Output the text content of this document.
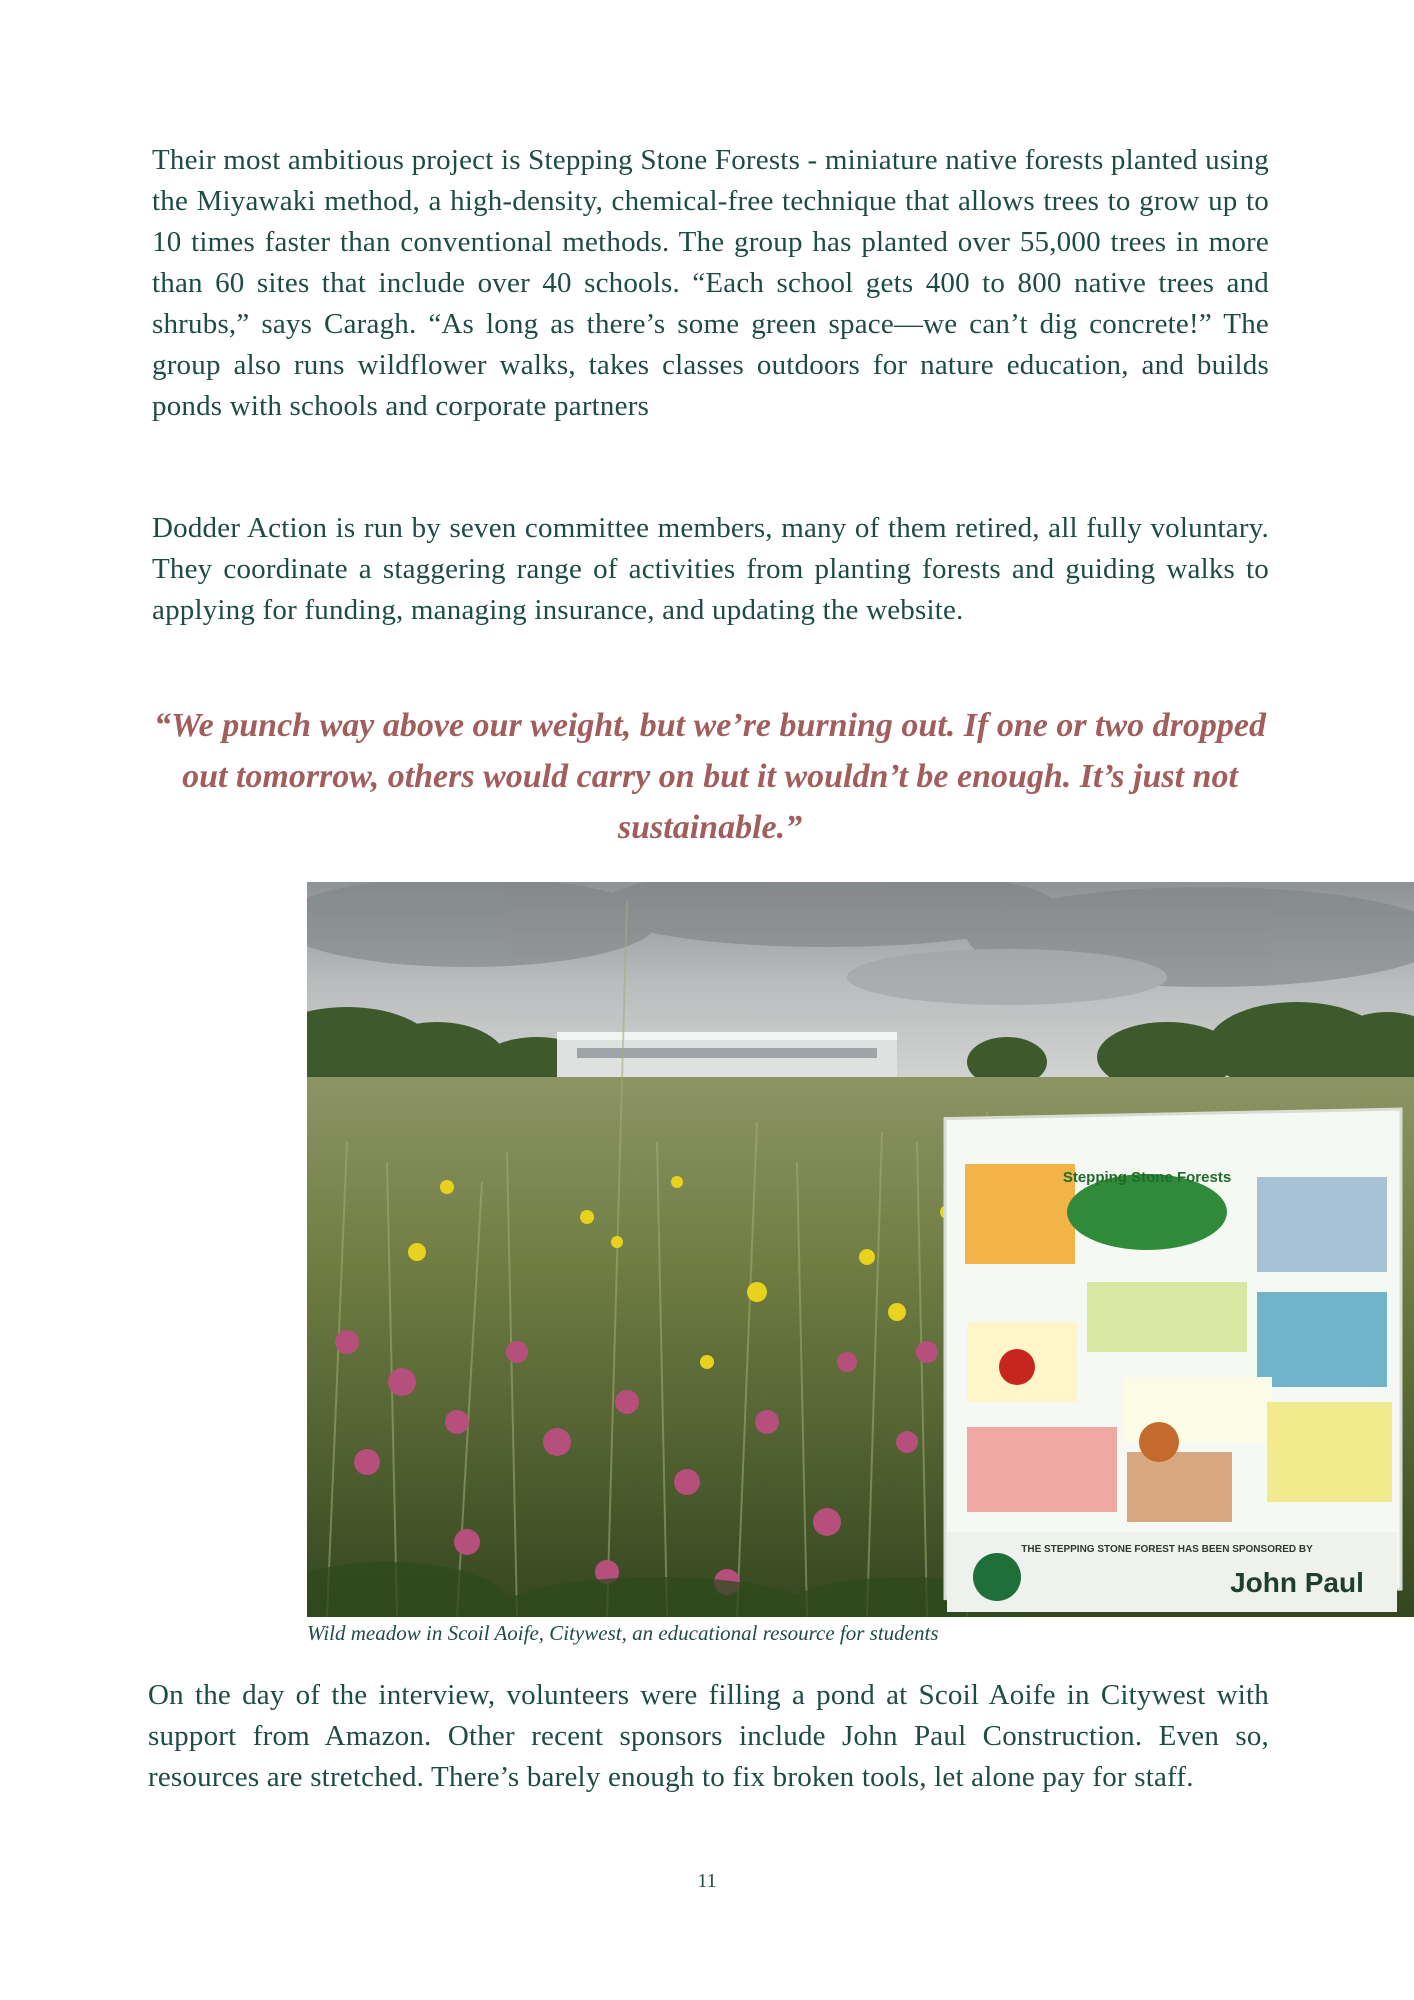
Their most ambitious project is Stepping Stone Forests - miniature native forests planted using the Miyawaki method, a high-density, chemical-free technique that allows trees to grow up to 10 times faster than conventional methods. The group has planted over 55,000 trees in more than 60 sites that include over 40 schools. “Each school gets 400 to 800 native trees and shrubs,” says Caragh. “As long as there’s some green space—we can’t dig concrete!” The group also runs wildflower walks, takes classes outdoors for nature education, and builds ponds with schools and corporate partners

Dodder Action is run by seven committee members, many of them retired, all fully voluntary. They coordinate a staggering range of activities from planting forests and guiding walks to applying for funding, managing insurance, and updating the website.

“We punch way above our weight, but we’re burning out. If one or two dropped out tomorrow, others would carry on but it wouldn’t be enough. It’s just not sustainable.”

Stepping Stone Forests
THE STEPPING STONE FOREST HAS BEEN SPONSORED BY
John Paul

Wild meadow in Scoil Aoife, Citywest, an educational resource for students

On the day of the interview, volunteers were filling a pond at Scoil Aoife in Citywest with support from Amazon. Other recent sponsors include John Paul Construction. Even so, resources are stretched. There’s barely enough to fix broken tools, let alone pay for staff.

11
